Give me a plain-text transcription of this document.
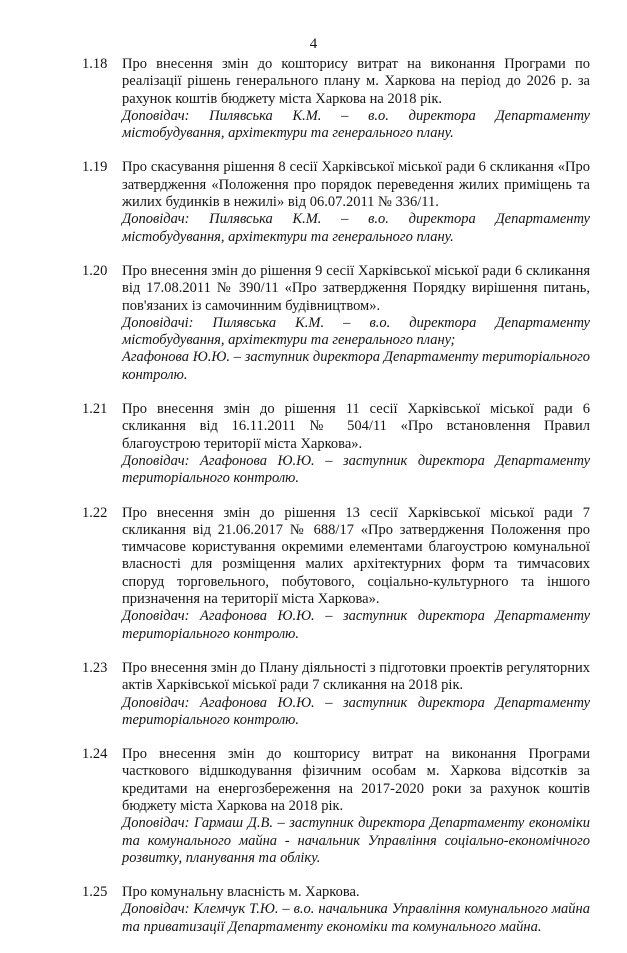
4
1.18	Про внесення змін до кошторису витрат на виконання Програми по реалізації рішень генерального плану м. Харкова на період до 2026 р. за рахунок коштів бюджету міста Харкова на 2018 рік.
Доповідач: Пилявська К.М. – в.о. директора Департаменту містобудування, архітектури та генерального плану.
1.19	Про скасування рішення 8 сесії Харківської міської ради 6 скликання «Про затвердження «Положення про порядок переведення жилих приміщень та жилих будинків в нежилі» від 06.07.2011 № 336/11.
Доповідач: Пилявська К.М. – в.о. директора Департаменту містобудування, архітектури та генерального плану.
1.20	Про внесення змін до рішення 9 сесії Харківської міської ради 6 скликання від 17.08.2011 № 390/11 «Про затвердження Порядку вирішення питань, пов'язаних із самочинним будівництвом».
Доповідачі: Пилявська К.М. – в.о. директора Департаменту містобудування, архітектури та генерального плану;
Агафонова Ю.Ю. – заступник директора Департаменту територіального контролю.
1.21	Про внесення змін до рішення 11 сесії Харківської міської ради 6 скликання від 16.11.2011 № 504/11 «Про встановлення Правил благоустрою території міста Харкова».
Доповідач: Агафонова Ю.Ю. – заступник директора Департаменту територіального контролю.
1.22	Про внесення змін до рішення 13 сесії Харківської міської ради 7 скликання від 21.06.2017 № 688/17 «Про затвердження Положення про тимчасове користування окремими елементами благоустрою комунальної власності для розміщення малих архітектурних форм та тимчасових споруд торговельного, побутового, соціально-культурного та іншого призначення на території міста Харкова».
Доповідач: Агафонова Ю.Ю. – заступник директора Департаменту територіального контролю.
1.23	Про внесення змін до Плану діяльності з підготовки проектів регуляторних актів Харківської міської ради 7 скликання на 2018 рік.
Доповідач: Агафонова Ю.Ю. – заступник директора Департаменту територіального контролю.
1.24	Про внесення змін до кошторису витрат на виконання Програми часткового відшкодування фізичним особам м. Харкова відсотків за кредитами на енергозбереження на 2017-2020 роки за рахунок коштів бюджету міста Харкова на 2018 рік.
Доповідач: Гармаш Д.В. – заступник директора Департаменту економіки та комунального майна - начальник Управління соціально-економічного розвитку, планування та обліку.
1.25	Про комунальну власність м. Харкова.
Доповідач: Клемчук Т.Ю. – в.о. начальника Управління комунального майна та приватизації Департаменту економіки та комунального майна.
